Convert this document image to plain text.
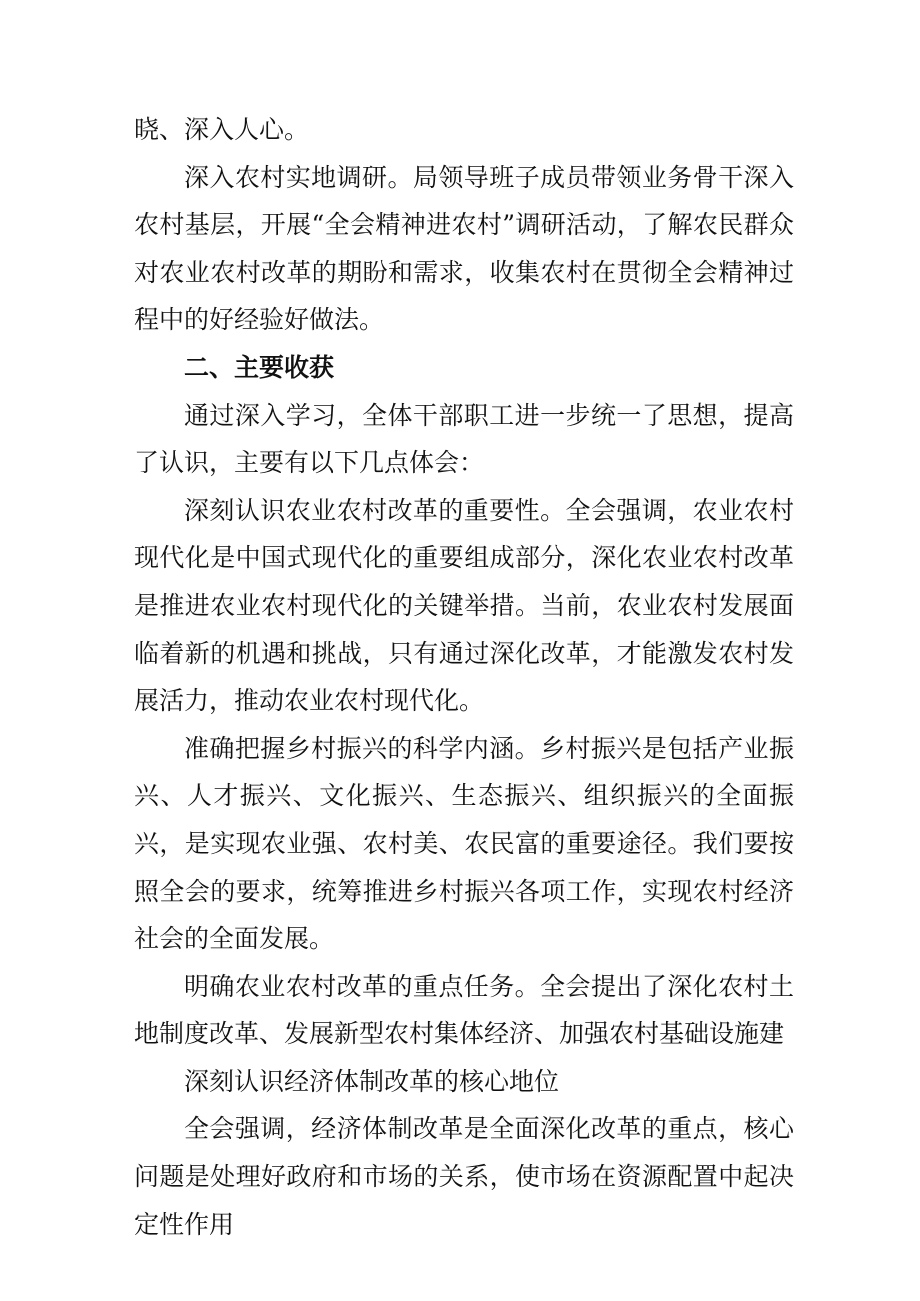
晓、深入人心。

深入农村实地调研。局领导班子成员带领业务骨干深入农村基层，开展“全会精神进农村”调研活动，了解农民群众对农业农村改革的期盼和需求，收集农村在贯彻全会精神过程中的好经验好做法。

二、主要收获

通过深入学习，全体干部职工进一步统一了思想，提高了认识，主要有以下几点体会：

深刻认识农业农村改革的重要性。全会强调，农业农村现代化是中国式现代化的重要组成部分，深化农业农村改革是推进农业农村现代化的关键举措。当前，农业农村发展面临着新的机遇和挑战，只有通过深化改革，才能激发农村发展活力，推动农业农村现代化。

准确把握乡村振兴的科学内涵。乡村振兴是包括产业振兴、人才振兴、文化振兴、生态振兴、组织振兴的全面振兴，是实现农业强、农村美、农民富的重要途径。我们要按照全会的要求，统筹推进乡村振兴各项工作，实现农村经济社会的全面发展。

明确农业农村改革的重点任务。全会提出了深化农村土地制度改革、发展新型农村集体经济、加强农村基础设施建

深刻认识经济体制改革的核心地位

全会强调，经济体制改革是全面深化改革的重点，核心问题是处理好政府和市场的关系，使市场在资源配置中起决定性作用
